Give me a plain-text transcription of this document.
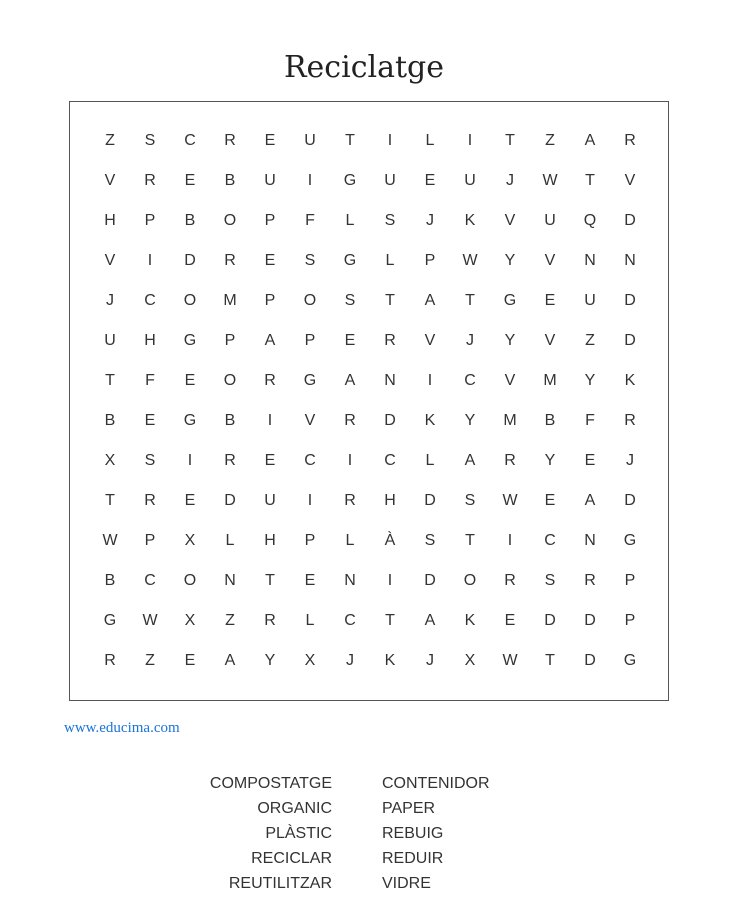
Reciclatge
Z	S	C	R	E	U	T	I	L	I	T	Z	A	R
V	R	E	B	U	I	G	U	E	U	J	W	T	V
H	P	B	O	P	F	L	S	J	K	V	U	Q	D
V	I	D	R	E	S	G	L	P	W	Y	V	N	N
J	C	O	M	P	O	S	T	A	T	G	E	U	D
U	H	G	P	A	P	E	R	V	J	Y	V	Z	D
T	F	E	O	R	G	A	N	I	C	V	M	Y	K
B	E	G	B	I	V	R	D	K	Y	M	B	F	R
X	S	I	R	E	C	I	C	L	A	R	Y	E	J
T	R	E	D	U	I	R	H	D	S	W	E	A	D
W	P	X	L	H	P	L	À	S	T	I	C	N	G
B	C	O	N	T	E	N	I	D	O	R	S	R	P
G	W	X	Z	R	L	C	T	A	K	E	D	D	P
R	Z	E	A	Y	X	J	K	J	X	W	T	D	G
www.educima.com
COMPOSTATGE	CONTENIDOR
ORGANIC	PAPER
PLÀSTIC	REBUIG
RECICLAR	REDUIR
REUTILITZAR	VIDRE
